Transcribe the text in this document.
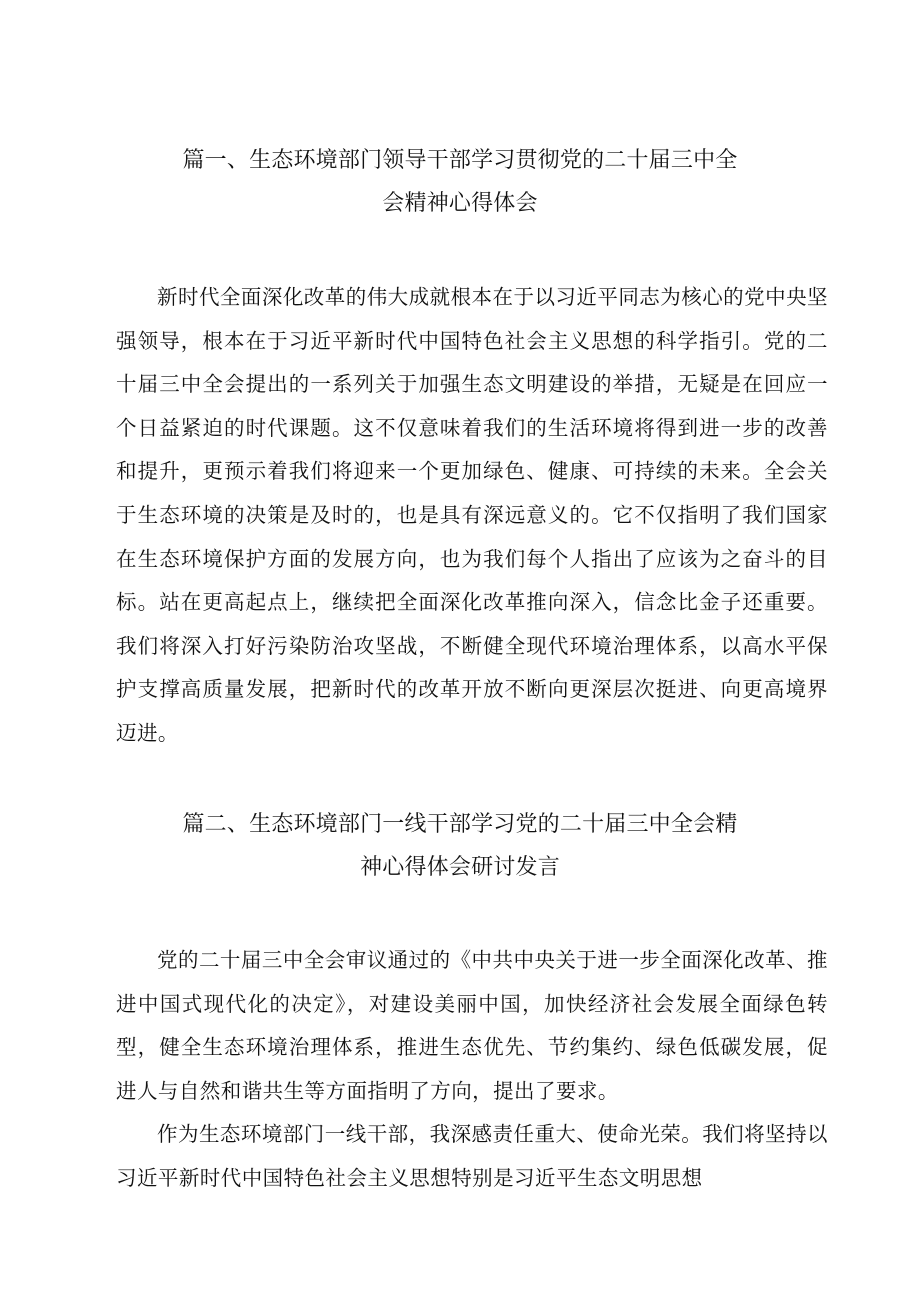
篇一、生态环境部门领导干部学习贯彻党的二十届三中全
会精神心得体会

新时代全面深化改革的伟大成就根本在于以习近平同志为核心的党中央坚强领导，根本在于习近平新时代中国特色社会主义思想的科学指引。党的二十届三中全会提出的一系列关于加强生态文明建设的举措，无疑是在回应一个日益紧迫的时代课题。这不仅意味着我们的生活环境将得到进一步的改善和提升，更预示着我们将迎来一个更加绿色、健康、可持续的未来。全会关于生态环境的决策是及时的，也是具有深远意义的。它不仅指明了我们国家在生态环境保护方面的发展方向，也为我们每个人指出了应该为之奋斗的目标。站在更高起点上，继续把全面深化改革推向深入，信念比金子还重要。我们将深入打好污染防治攻坚战，不断健全现代环境治理体系，以高水平保护支撑高质量发展，把新时代的改革开放不断向更深层次挺进、向更高境界迈进。

篇二、生态环境部门一线干部学习党的二十届三中全会精
神心得体会研讨发言

党的二十届三中全会审议通过的《中共中央关于进一步全面深化改革、推进中国式现代化的决定》，对建设美丽中国，加快经济社会发展全面绿色转型，健全生态环境治理体系，推进生态优先、节约集约、绿色低碳发展，促进人与自然和谐共生等方面指明了方向，提出了要求。

作为生态环境部门一线干部，我深感责任重大、使命光荣。我们将坚持以习近平新时代中国特色社会主义思想特别是习近平生态文明思想
